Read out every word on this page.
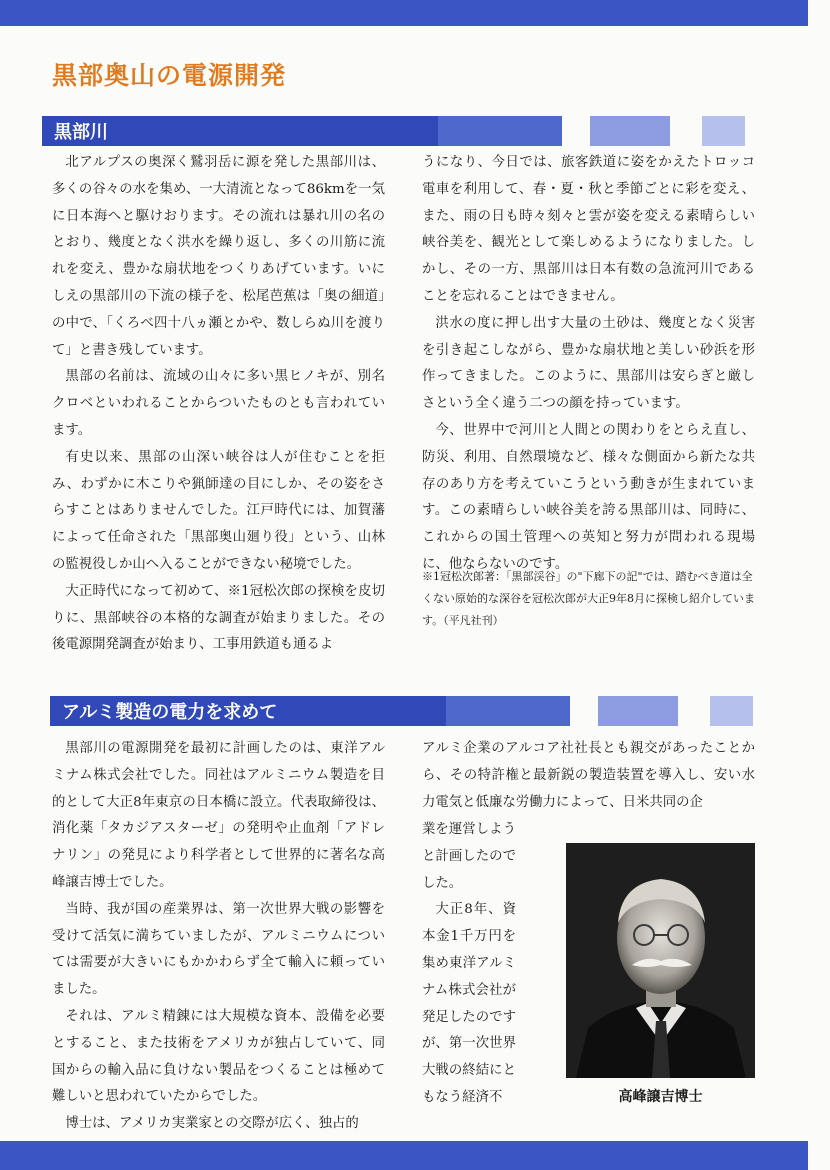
黒部奥山の電源開発
黒部川

北アルプスの奥深く鷲羽岳に源を発した黒部川は、多くの谷々の水を集め、一大清流となって86kmを一気に日本海へと駆けおります。その流れは暴れ川の名のとおり、幾度となく洪水を繰り返し、多くの川筋に流れを変え、豊かな扇状地をつくりあげています。いにしえの黒部川の下流の様子を、松尾芭蕉は「奥の細道」の中で、「くろべ四十八ヵ瀬とかや、数しらぬ川を渡りて」と書き残しています。

黒部の名前は、流域の山々に多い黒ヒノキが、別名クロベといわれることからついたものとも言われています。

有史以来、黒部の山深い峡谷は人が住むことを拒み、わずかに木こりや猟師達の目にしか、その姿をさらすことはありませんでした。江戸時代には、加賀藩によって任命された「黒部奥山廻り役」という、山林の監視役しか山へ入ることができない秘境でした。

大正時代になって初めて、※1冠松次郎の探検を皮切りに、黒部峡谷の本格的な調査が始まりました。その後電源開発調査が始まり、工事用鉄道も通るよ

うになり、今日では、旅客鉄道に姿をかえたトロッコ電車を利用して、春・夏・秋と季節ごとに彩を変え、また、雨の日も時々刻々と雲が姿を変える素晴らしい峡谷美を、観光として楽しめるようになりました。しかし、その一方、黒部川は日本有数の急流河川であることを忘れることはできません。

洪水の度に押し出す大量の土砂は、幾度となく災害を引き起こしながら、豊かな扇状地と美しい砂浜を形作ってきました。このように、黒部川は安らぎと厳しさという全く違う二つの顔を持っています。

今、世界中で河川と人間との関わりをとらえ直し、防災、利用、自然環境など、様々な側面から新たな共存のあり方を考えていこうという動きが生まれています。この素晴らしい峡谷美を誇る黒部川は、同時に、これからの国土管理への英知と努力が問われる現場に、他ならないのです。

※1冠松次郎著：「黒部渓谷」の"下廊下の記"では、踏むべき道は全くない原始的な深谷を冠松次郎が大正9年8月に探検し紹介しています。（平凡社刊）

アルミ製造の電力を求めて

黒部川の電源開発を最初に計画したのは、東洋アルミナム株式会社でした。同社はアルミニウム製造を目的として大正8年東京の日本橋に設立。代表取締役は、消化薬「タカジアスターゼ」の発明や止血剤「アドレナリン」の発見により科学者として世界的に著名な高峰譲吉博士でした。

当時、我が国の産業界は、第一次世界大戦の影響を受けて活気に満ちていましたが、アルミニウムについては需要が大きいにもかかわらず全て輸入に頼っていました。

それは、アルミ精錬には大規模な資本、設備を必要とすること、また技術をアメリカが独占していて、同国からの輸入品に負けない製品をつくることは極めて難しいと思われていたからでした。

博士は、アメリカ実業家との交際が広く、独占的

アルミ企業のアルコア社社長とも親交があったことから、その特許権と最新鋭の製造装置を導入し、安い水力電気と低廉な労働力によって、日米共同の企

業を運営しようと計画したのでした。

大正8年、資本金1千万円を集め東洋アルミナム株式会社が発足したのですが、第一次世界大戦の終結にともなう経済不	高峰譲吉博士
